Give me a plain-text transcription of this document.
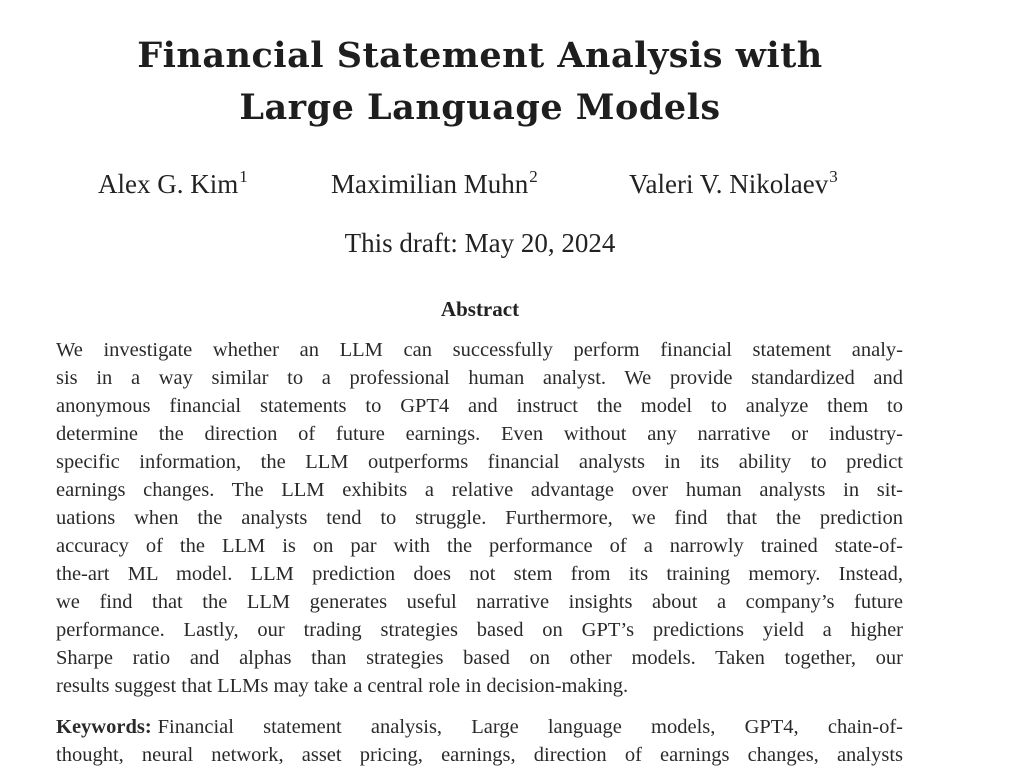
Financial Statement Analysis with
Large Language Models
Alex G. Kim$^1$	Maximilian Muhn$^2$	Valeri V. Nikolaev$^3$
This draft: May 20, 2024
Abstract
We investigate whether an LLM can successfully perform financial statement analy-
sis in a way similar to a professional human analyst. We provide standardized and
anonymous financial statements to GPT4 and instruct the model to analyze them to
determine the direction of future earnings. Even without any narrative or industry-
specific information, the LLM outperforms financial analysts in its ability to predict
earnings changes. The LLM exhibits a relative advantage over human analysts in sit-
uations when the analysts tend to struggle. Furthermore, we find that the prediction
accuracy of the LLM is on par with the performance of a narrowly trained state-of-
the-art ML model. LLM prediction does not stem from its training memory. Instead,
we find that the LLM generates useful narrative insights about a company’s future
performance. Lastly, our trading strategies based on GPT’s predictions yield a higher
Sharpe ratio and alphas than strategies based on other models. Taken together, our
results suggest that LLMs may take a central role in decision-making.
Keywords: Financial statement analysis, Large language models, GPT4, chain-of-
thought, neural network, asset pricing, earnings, direction of earnings changes, analysts
